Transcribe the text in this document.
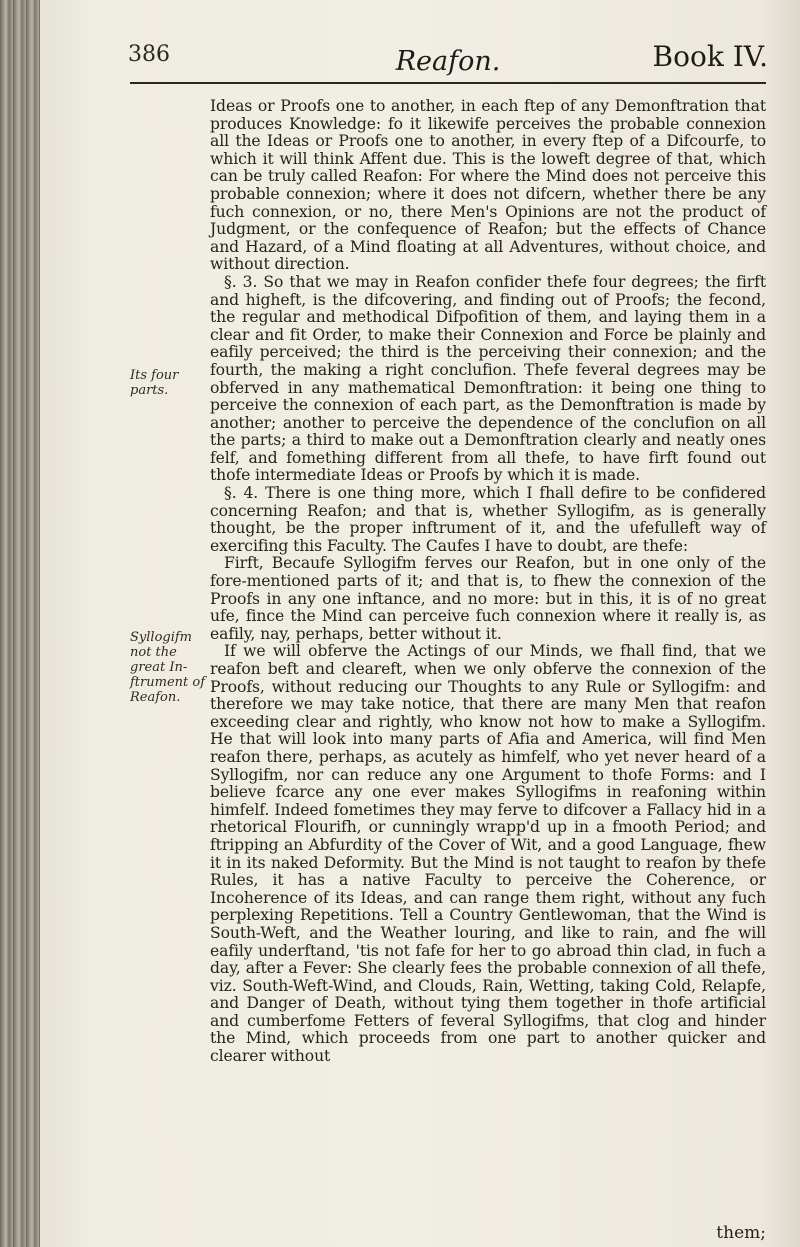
386	Reafon.	Book IV.
Its four parts.
Syllogifm not the great In-ftrument of Reafon.

Ideas or Proofs one to another, in each ftep of any Demonftration that produces Knowledge: fo it likewife perceives the probable connexion all the Ideas or Proofs one to another, in every ftep of a Difcourfe, to which it will think Affent due. This is the loweft degree of that, which can be truly called Reafon: For where the Mind does not perceive this probable connexion; where it does not difcern, whether there be any fuch connexion, or no, there Men's Opinions are not the product of Judgment, or the confequence of Reafon; but the effects of Chance and Hazard, of a Mind floating at all Adventures, without choice, and without direction.

§. 3. So that we may in Reafon confider thefe four degrees; the firft and higheft, is the difcovering, and finding out of Proofs; the fecond, the regular and methodical Difpofition of them, and laying them in a clear and fit Order, to make their Connexion and Force be plainly and eafily perceived; the third is the perceiving their connexion; and the fourth, the making a right conclufion. Thefe feveral degrees may be obferved in any mathematical Demonftration: it being one thing to perceive the connexion of each part, as the Demonftration is made by another; another to perceive the dependence of the conclufion on all the parts; a third to make out a Demonftration clearly and neatly ones felf, and fomething different from all thefe, to have firft found out thofe intermediate Ideas or Proofs by which it is made.

§. 4. There is one thing more, which I fhall defire to be confidered concerning Reafon; and that is, whether Syllogifm, as is generally thought, be the proper inftrument of it, and the ufefulleft way of exercifing this Faculty. The Caufes I have to doubt, are thefe:

Firft, Becaufe Syllogifm ferves our Reafon, but in one only of the fore-mentioned parts of it; and that is, to fhew the connexion of the Proofs in any one inftance, and no more: but in this, it is of no great ufe, fince the Mind can perceive fuch connexion where it really is, as eafily, nay, perhaps, better without it.

If we will obferve the Actings of our Minds, we fhall find, that we reafon beft and cleareft, when we only obferve the connexion of the Proofs, without reducing our Thoughts to any Rule or Syllogifm: and therefore we may take notice, that there are many Men that reafon exceeding clear and rightly, who know not how to make a Syllogifm. He that will look into many parts of Afia and America, will find Men reafon there, perhaps, as acutely as himfelf, who yet never heard of a Syllogifm, nor can reduce any one Argument to thofe Forms: and I believe fcarce any one ever makes Syllogifms in reafoning within himfelf. Indeed fometimes they may ferve to difcover a Fallacy hid in a rhetorical Flourifh, or cunningly wrapp'd up in a fmooth Period; and ftripping an Abfurdity of the Cover of Wit, and a good Language, fhew it in its naked Deformity. But the Mind is not taught to reafon by thefe Rules, it has a native Faculty to perceive the Coherence, or Incoherence of its Ideas, and can range them right, without any fuch perplexing Repetitions. Tell a Country Gentlewoman, that the Wind is South-Weft, and the Weather louring, and like to rain, and fhe will eafily underftand, 'tis not fafe for her to go abroad thin clad, in fuch a day, after a Fever: She clearly fees the probable connexion of all thefe, viz. South-Weft-Wind, and Clouds, Rain, Wetting, taking Cold, Relapfe, and Danger of Death, without tying them together in thofe artificial and cumberfome Fetters of feveral Syllogifms, that clog and hinder the Mind, which proceeds from one part to another quicker and clearer without

them;
